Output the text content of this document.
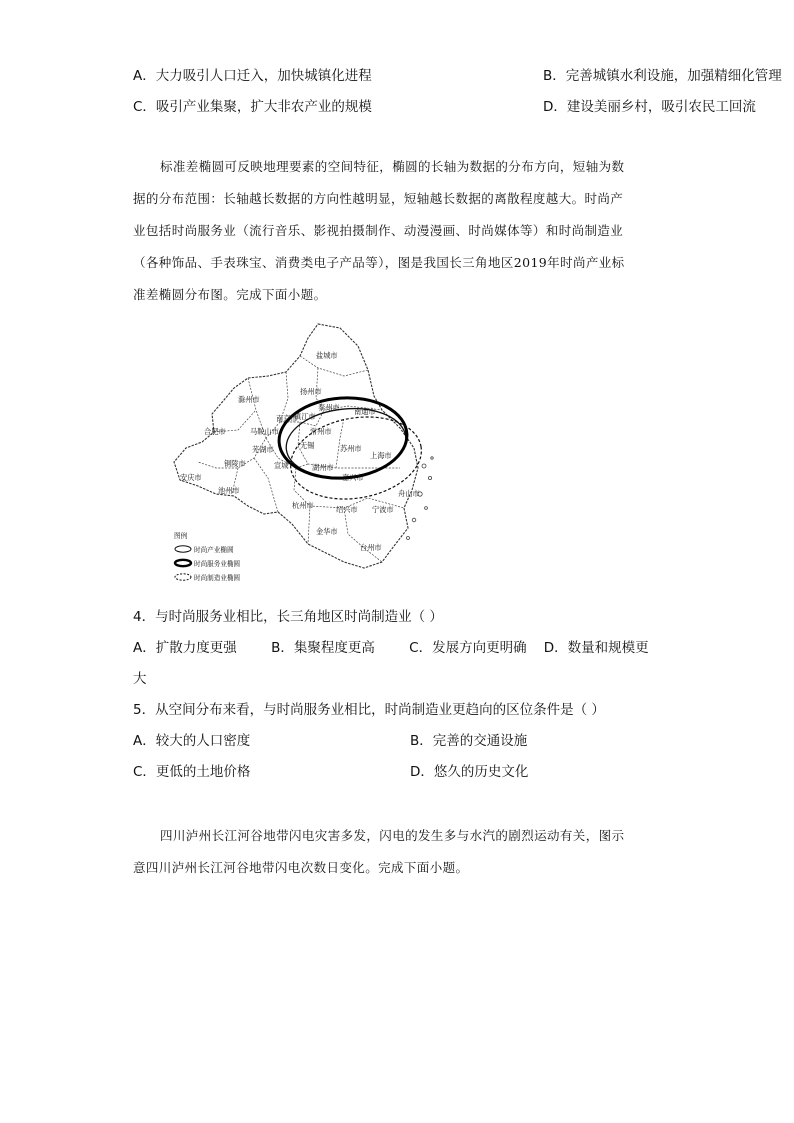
A．大力吸引人口迁入，加快城镇化进程	B．完善城镇水利设施，加强精细化管理
C．吸引产业集聚，扩大非农产业的规模	D．建设美丽乡村，吸引农民工回流
标准差椭圆可反映地理要素的空间特征，椭圆的长轴为数据的分布方向，短轴为数
据的分布范围：长轴越长数据的方向性越明显，短轴越长数据的离散程度越大。时尚产
业包括时尚服务业（流行音乐、影视拍摄制作、动漫漫画、时尚媒体等）和时尚制造业
（各种饰品、手表珠宝、消费类电子产品等），图是我国长三角地区2019年时尚产业标
准差椭圆分布图。完成下面小题。
盐城市
扬州市
滁州市
南京市
镇江市
泰州市 南通市
合肥市	马鞍山市	常州市
无锡	苏州市
上海市
芜湖市
铜陵市	宣城	湖州市
嘉兴市
安庆市
池州市
杭州市	绍兴市 宁波市
舟山市
金华市
台州市
图例
时尚产业椭圆
时尚服务业椭圆
时尚制造业椭圆
4．与时尚服务业相比，长三角地区时尚制造业（ ）
A．扩散力度更强        B．集聚程度更高        C．发展方向更明确    D．数量和规模更
大
5．从空间分布来看，与时尚服务业相比，时尚制造业更趋向的区位条件是（ ）
A．较大的人口密度	B．完善的交通设施
C．更低的土地价格	D．悠久的历史文化
四川泸州长江河谷地带闪电灾害多发，闪电的发生多与水汽的剧烈运动有关，图示
意四川泸州长江河谷地带闪电次数日变化。完成下面小题。
